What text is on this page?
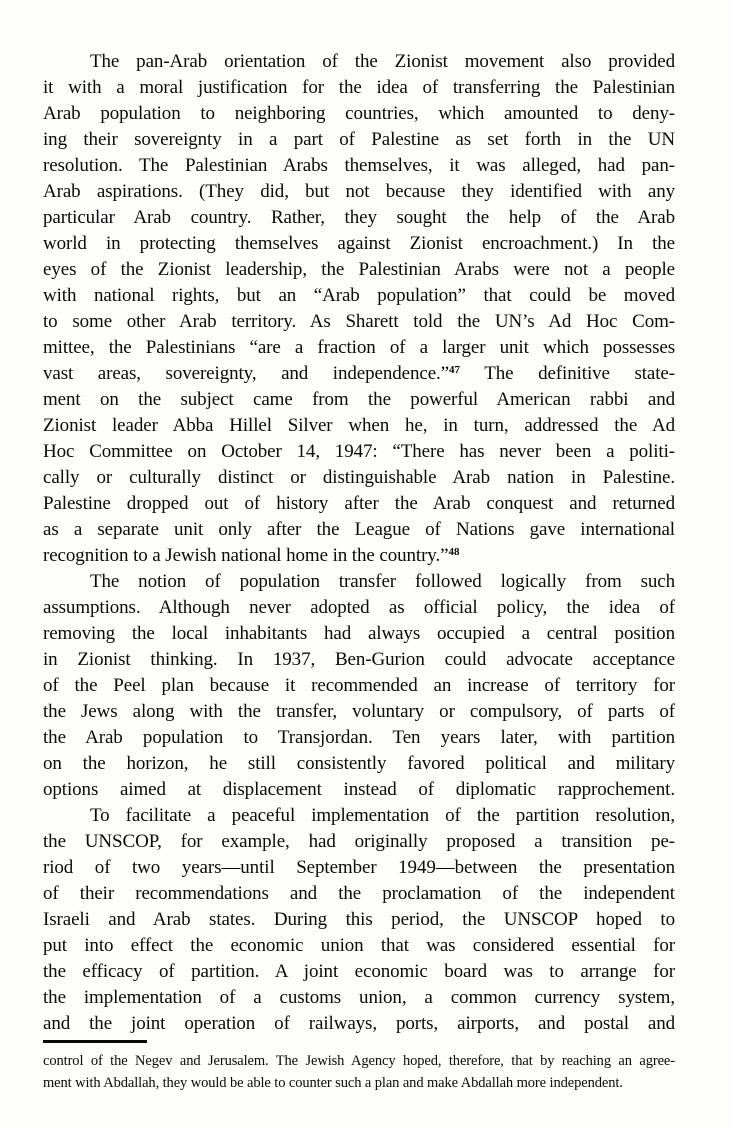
The pan-Arab orientation of the Zionist movement also provided
it with a moral justification for the idea of transferring the Palestinian
Arab population to neighboring countries, which amounted to deny-
ing their sovereignty in a part of Palestine as set forth in the UN
resolution. The Palestinian Arabs themselves, it was alleged, had pan-
Arab aspirations. (They did, but not because they identified with any
particular Arab country. Rather, they sought the help of the Arab
world in protecting themselves against Zionist encroachment.) In the
eyes of the Zionist leadership, the Palestinian Arabs were not a people
with national rights, but an “Arab population” that could be moved
to some other Arab territory. As Sharett told the UN’s Ad Hoc Com-
mittee, the Palestinians “are a fraction of a larger unit which possesses
vast areas, sovereignty, and independence.”$^{47}$ The definitive state-
ment on the subject came from the powerful American rabbi and
Zionist leader Abba Hillel Silver when he, in turn, addressed the Ad
Hoc Committee on October 14, 1947: “There has never been a politi-
cally or culturally distinct or distinguishable Arab nation in Palestine.
Palestine dropped out of history after the Arab conquest and returned
as a separate unit only after the League of Nations gave international
recognition to a Jewish national home in the country.”$^{48}$
The notion of population transfer followed logically from such
assumptions. Although never adopted as official policy, the idea of
removing the local inhabitants had always occupied a central position
in Zionist thinking. In 1937, Ben-Gurion could advocate acceptance
of the Peel plan because it recommended an increase of territory for
the Jews along with the transfer, voluntary or compulsory, of parts of
the Arab population to Transjordan. Ten years later, with partition
on the horizon, he still consistently favored political and military
options aimed at displacement instead of diplomatic rapprochement.
To facilitate a peaceful implementation of the partition resolution,
the UNSCOP, for example, had originally proposed a transition pe-
riod of two years—until September 1949—between the presentation
of their recommendations and the proclamation of the independent
Israeli and Arab states. During this period, the UNSCOP hoped to
put into effect the economic union that was considered essential for
the efficacy of partition. A joint economic board was to arrange for
the implementation of a customs union, a common currency system,
and the joint operation of railways, ports, airports, and postal and
control of the Negev and Jerusalem. The Jewish Agency hoped, therefore, that by reaching an agree-
ment with Abdallah, they would be able to counter such a plan and make Abdallah more independent.
